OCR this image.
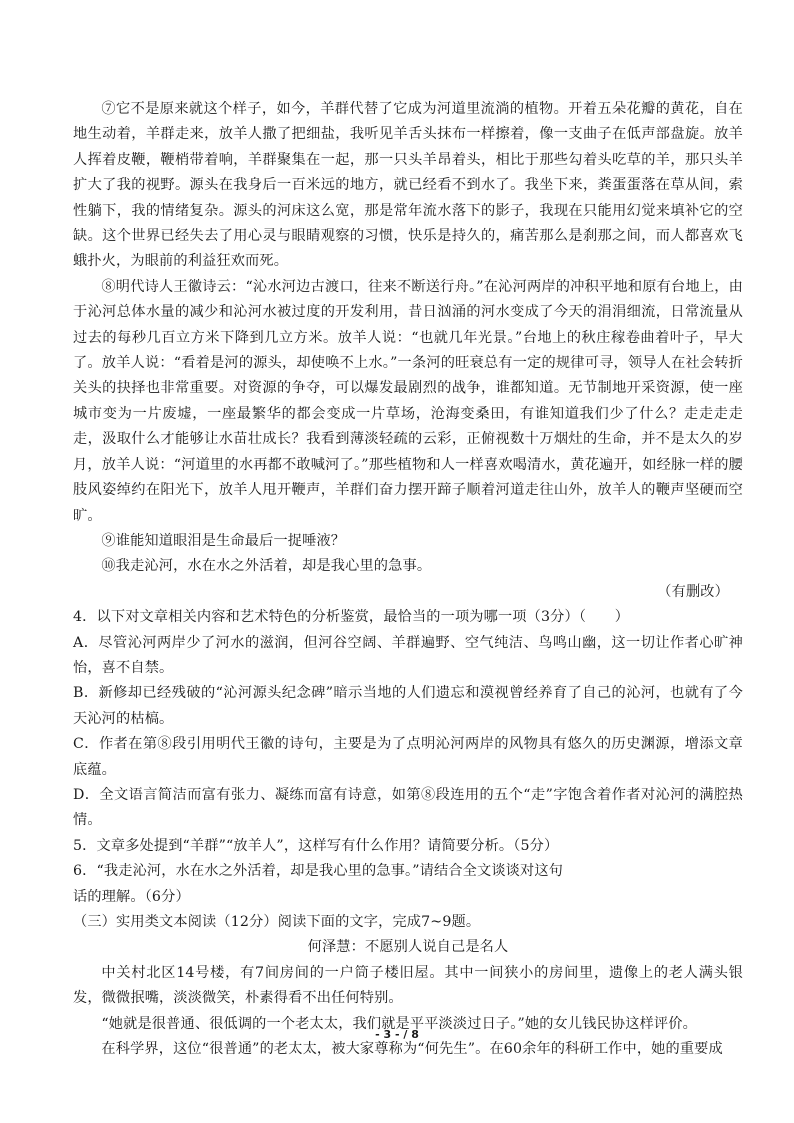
⑦它不是原来就这个样子，如今，羊群代替了它成为河道里流淌的植物。开着五朵花瓣的黄花，自在地生动着，羊群走来，放羊人撒了把细盐，我听见羊舌头抹布一样擦着，像一支曲子在低声部盘旋。放羊人挥着皮鞭，鞭梢带着响，羊群聚集在一起，那一只头羊昂着头，相比于那些勾着头吃草的羊，那只头羊扩大了我的视野。源头在我身后一百米远的地方，就已经看不到水了。我坐下来，粪蛋蛋落在草从间，索性躺下，我的情绪复杂。源头的河床这么宽，那是常年流水落下的影子，我现在只能用幻觉来填补它的空缺。这个世界已经失去了用心灵与眼睛观察的习惯，快乐是持久的，痛苦那么是刹那之间，而人都喜欢飞蛾扑火，为眼前的利益狂欢而死。

⑧明代诗人王徽诗云：“沁水河边古渡口，往来不断送行舟。”在沁河两岸的冲积平地和原有台地上，由于沁河总体水量的减少和沁河水被过度的开发利用，昔日汹涌的河水变成了今天的涓涓细流，日常流量从过去的每秒几百立方米下降到几立方米。放羊人说：“也就几年光景。”台地上的秋庄稼卷曲着叶子，早大了。放羊人说：“看着是河的源头，却使唤不上水。”一条河的旺衰总有一定的规律可寻，领导人在社会转折关头的抉择也非常重要。对资源的争夺，可以爆发最剧烈的战争，谁都知道。无节制地开采资源，使一座城市变为一片废墟，一座最繁华的都会变成一片草场，沧海变桑田，有谁知道我们少了什么？走走走走走，汲取什么才能够让水苗壮成长？我看到薄淡轻疏的云彩，正俯视数十万烟灶的生命，并不是太久的岁月，放羊人说：“河道里的水再都不敢喊河了。”那些植物和人一样喜欢喝清水，黄花遍开，如经脉一样的腰肢风姿绰约在阳光下，放羊人甩开鞭声，羊群们奋力摆开蹄子顺着河道走往山外，放羊人的鞭声坚硬而空旷。

⑨谁能知道眼泪是生命最后一捉唾液？

⑩我走沁河，水在水之外活着，却是我心里的急事。

（有删改）

4．以下对文章相关内容和艺术特色的分析鉴赏，最恰当的一项为哪一项（3分）（　　）

A．尽管沁河两岸少了河水的滋润，但河谷空阔、羊群遍野、空气纯洁、鸟鸣山幽，这一切让作者心旷神怡，喜不自禁。

B．新修却已经残破的“沁河源头纪念碑”暗示当地的人们遗忘和漠视曾经养育了自己的沁河，也就有了今天沁河的枯槁。

C．作者在第⑧段引用明代王徽的诗句，主要是为了点明沁河两岸的风物具有悠久的历史渊源，增添文章底蕴。

D．全文语言简洁而富有张力、凝练而富有诗意，如第⑧段连用的五个“走”字饱含着作者对沁河的满腔热情。

5．文章多处提到“羊群”“放羊人”，这样写有什么作用？请简要分析。（5分）

6．“我走沁河，水在水之外活着，却是我心里的急事。”请结合全文谈谈对这句

话的理解。（6分）

（三）实用类文本阅读（12分）阅读下面的文字，完成7~9题。

何泽慧：不愿别人说自己是名人

中关村北区14号楼，有7间房间的一户筒子楼旧屋。其中一间狭小的房间里，遗像上的老人满头银发，微微抿嘴，淡淡微笑，朴素得看不出任何特别。

“她就是很普通、很低调的一个老太太，我们就是平平淡淡过日子。”她的女儿钱民协这样评价。

在科学界，这位“很普通”的老太太，被大家尊称为“何先生”。在60余年的科研工作中，她的重要成

- 3 - / 8
